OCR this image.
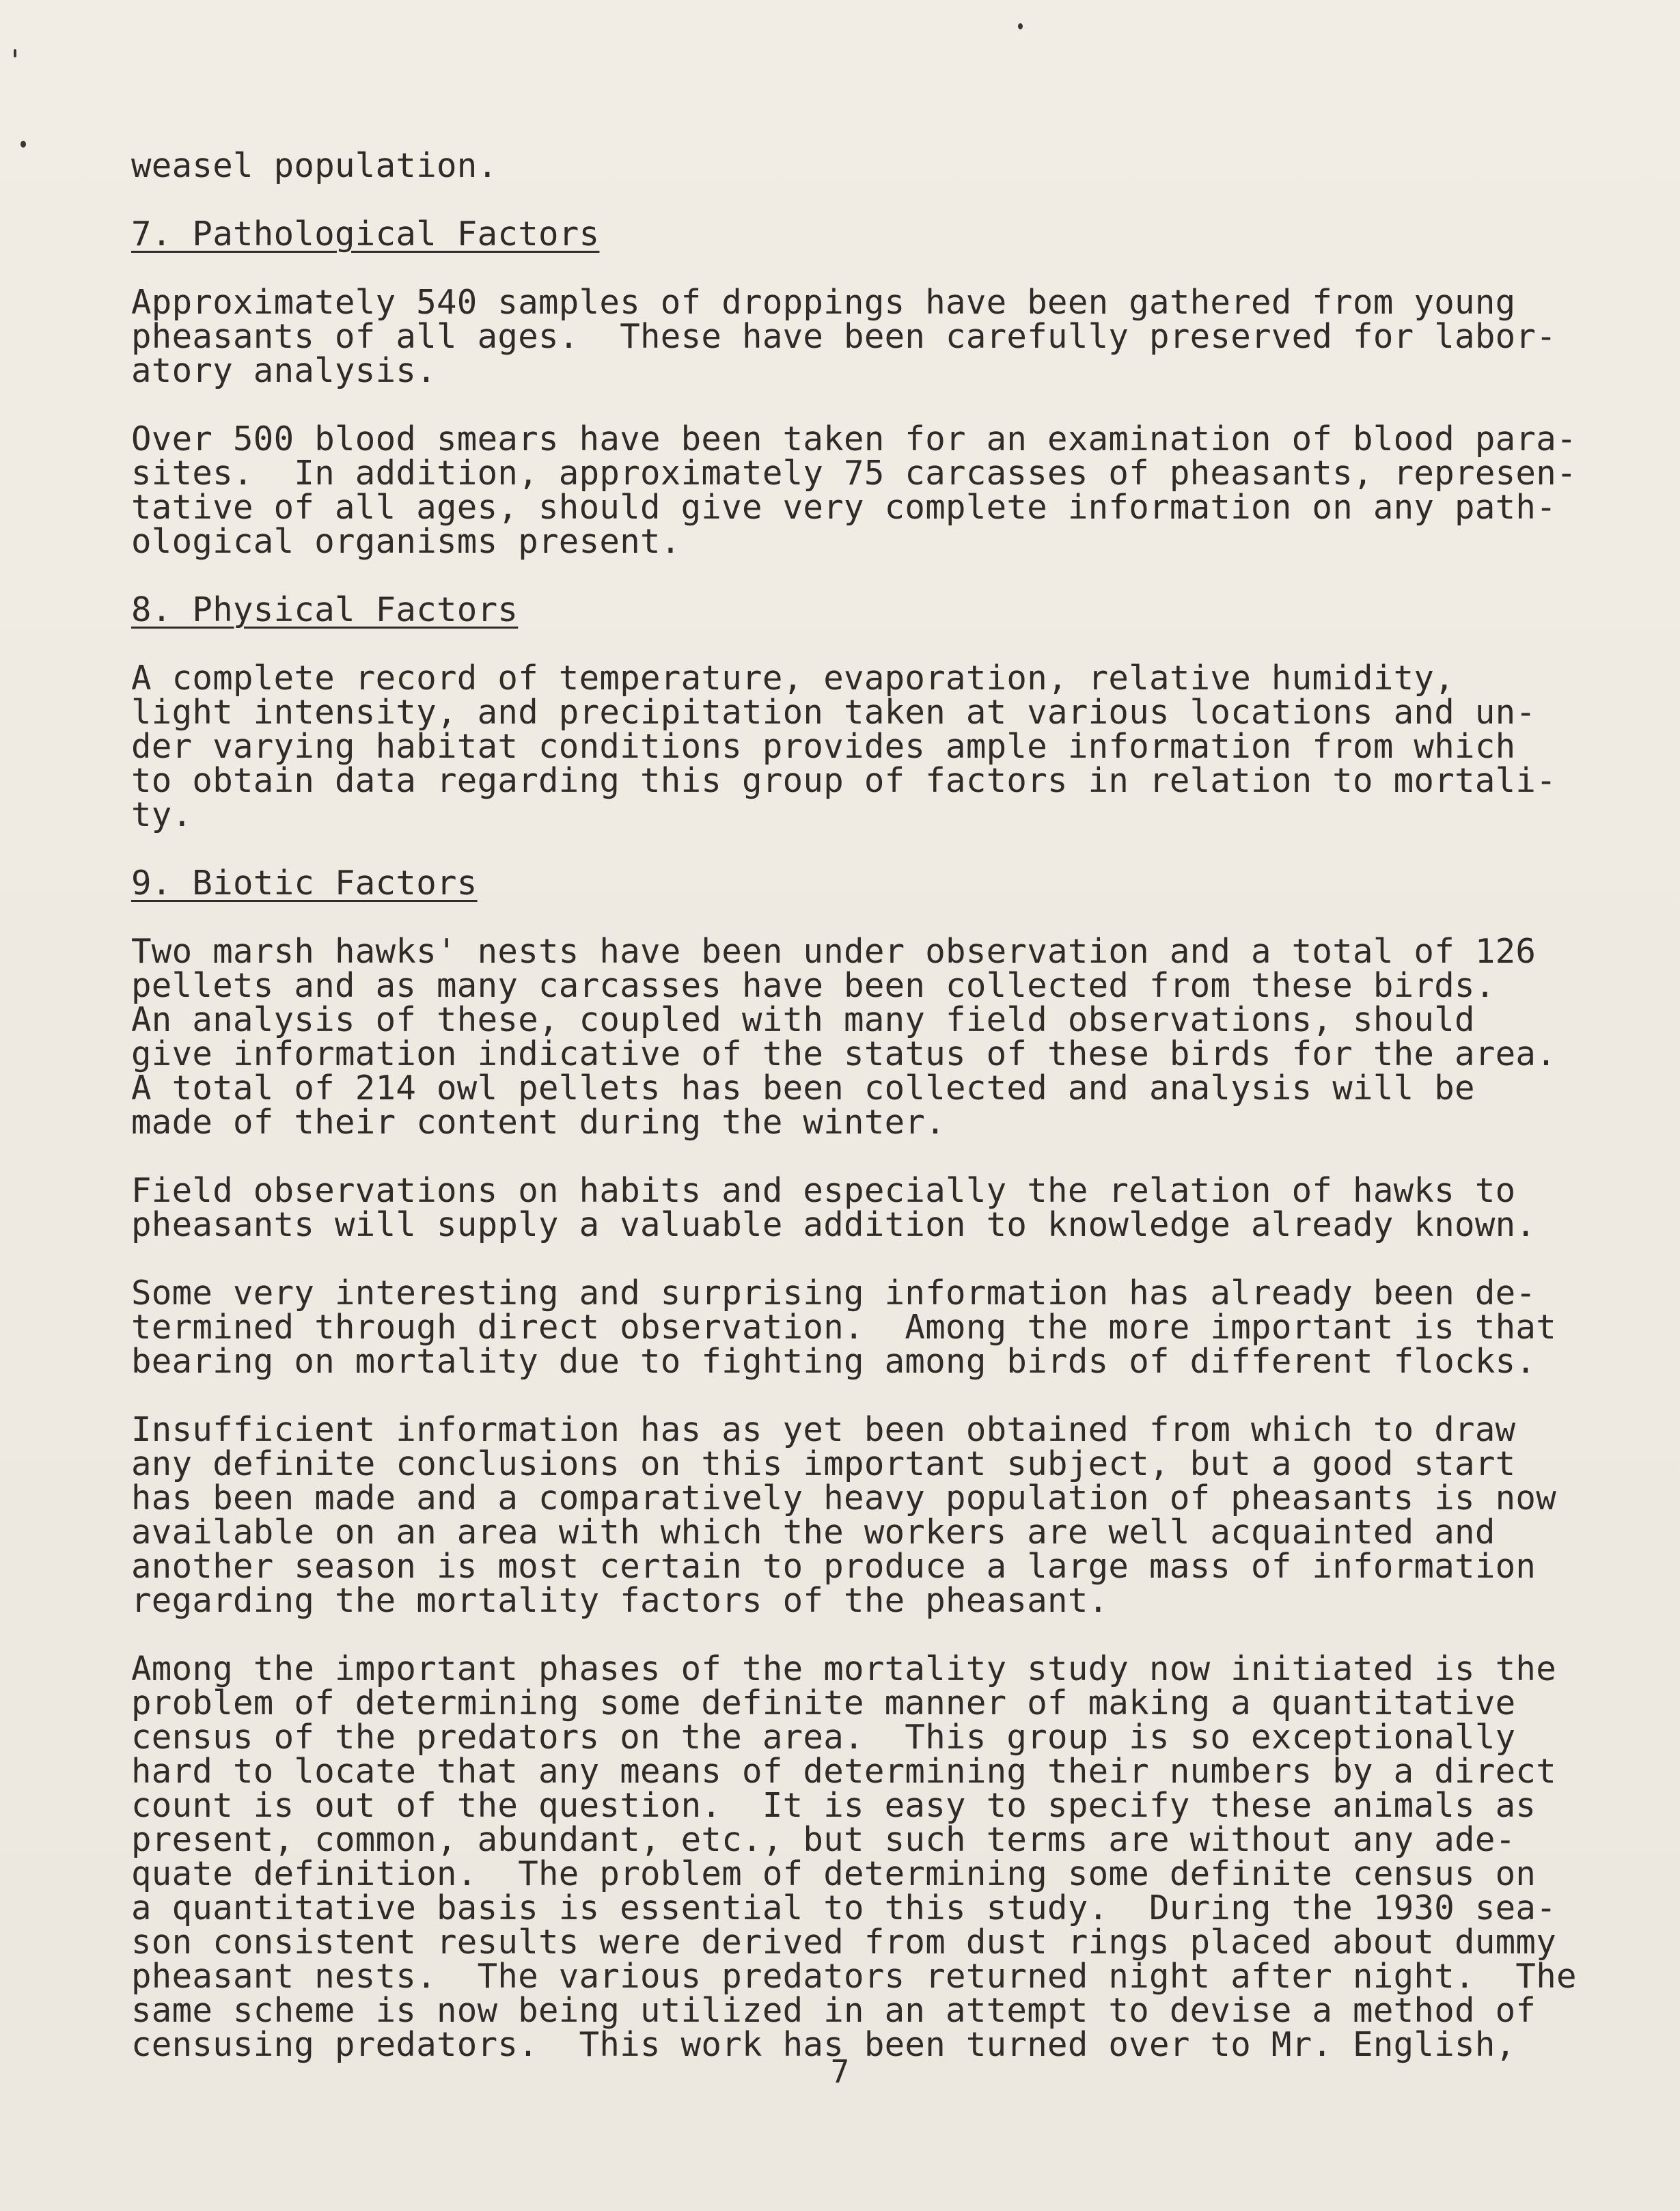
weasel population.
7. Pathological Factors
Approximately 540 samples of droppings have been gathered from young
pheasants of all ages.  These have been carefully preserved for labor-
atory analysis.
Over 500 blood smears have been taken for an examination of blood para-
sites.  In addition, approximately 75 carcasses of pheasants, represen-
tative of all ages, should give very complete information on any path-
ological organisms present.
8. Physical Factors
A complete record of temperature, evaporation, relative humidity,
light intensity, and precipitation taken at various locations and un-
der varying habitat conditions provides ample information from which
to obtain data regarding this group of factors in relation to mortali-
ty.
9. Biotic Factors
Two marsh hawks' nests have been under observation and a total of 126
pellets and as many carcasses have been collected from these birds.
An analysis of these, coupled with many field observations, should
give information indicative of the status of these birds for the area.
A total of 214 owl pellets has been collected and analysis will be
made of their content during the winter.
Field observations on habits and especially the relation of hawks to
pheasants will supply a valuable addition to knowledge already known.
Some very interesting and surprising information has already been de-
termined through direct observation.  Among the more important is that
bearing on mortality due to fighting among birds of different flocks.
Insufficient information has as yet been obtained from which to draw
any definite conclusions on this important subject, but a good start
has been made and a comparatively heavy population of pheasants is now
available on an area with which the workers are well acquainted and
another season is most certain to produce a large mass of information
regarding the mortality factors of the pheasant.
Among the important phases of the mortality study now initiated is the
problem of determining some definite manner of making a quantitative
census of the predators on the area.  This group is so exceptionally
hard to locate that any means of determining their numbers by a direct
count is out of the question.  It is easy to specify these animals as
present, common, abundant, etc., but such terms are without any ade-
quate definition.  The problem of determining some definite census on
a quantitative basis is essential to this study.  During the 1930 sea-
son consistent results were derived from dust rings placed about dummy
pheasant nests.  The various predators returned night after night.  The
same scheme is now being utilized in an attempt to devise a method of
censusing predators.  This work has been turned over to Mr. English,
7
